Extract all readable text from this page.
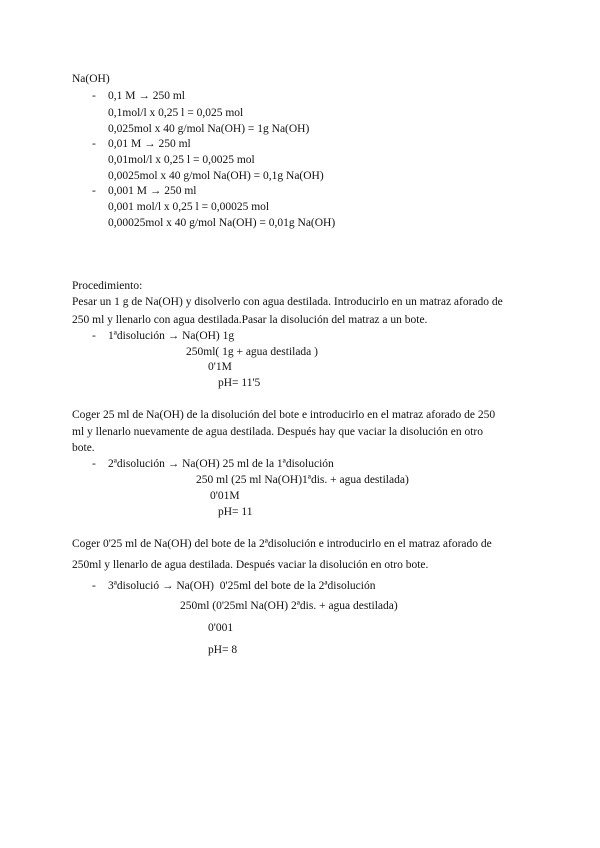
Na(OH)
- 0,1 M → 250 ml
0,1mol/l x 0,25 l = 0,025 mol
0,025mol x 40 g/mol Na(OH) = 1g Na(OH)
- 0,01 M → 250 ml
0,01mol/l x 0,25 l = 0,0025 mol
0,0025mol x 40 g/mol Na(OH) = 0,1g Na(OH)
- 0,001 M → 250 ml
0,001 mol/l x 0,25 l = 0,00025 mol
0,00025mol x 40 g/mol Na(OH) = 0,01g Na(OH)
Procedimiento:
Pesar un 1 g de Na(OH) y disolverlo con agua destilada. Introducirlo en un matraz aforado de
250 ml y llenarlo con agua destilada.Pasar la disolución del matraz a un bote.
- 1ªdisolución → Na(OH) 1g
250ml( 1g + agua destilada )
0'1M
pH= 11'5
Coger 25 ml de Na(OH) de la disolución del bote e introducirlo en el matraz aforado de 250
ml y llenarlo nuevamente de agua destilada. Después hay que vaciar la disolución en otro
bote.
- 2ªdisolución → Na(OH) 25 ml de la 1ªdisolución
250 ml (25 ml Na(OH)1ªdis. + agua destilada)
0'01M
pH= 11
Coger 0'25 ml de Na(OH) del bote de la 2ªdisolución e introducirlo en el matraz aforado de
250ml y llenarlo de agua destilada. Después vaciar la disolución en otro bote.
- 3ªdisolució → Na(OH)  0'25ml del bote de la 2ªdisolución
250ml (0'25ml Na(OH) 2ªdis. + agua destilada)
0'001
pH= 8
